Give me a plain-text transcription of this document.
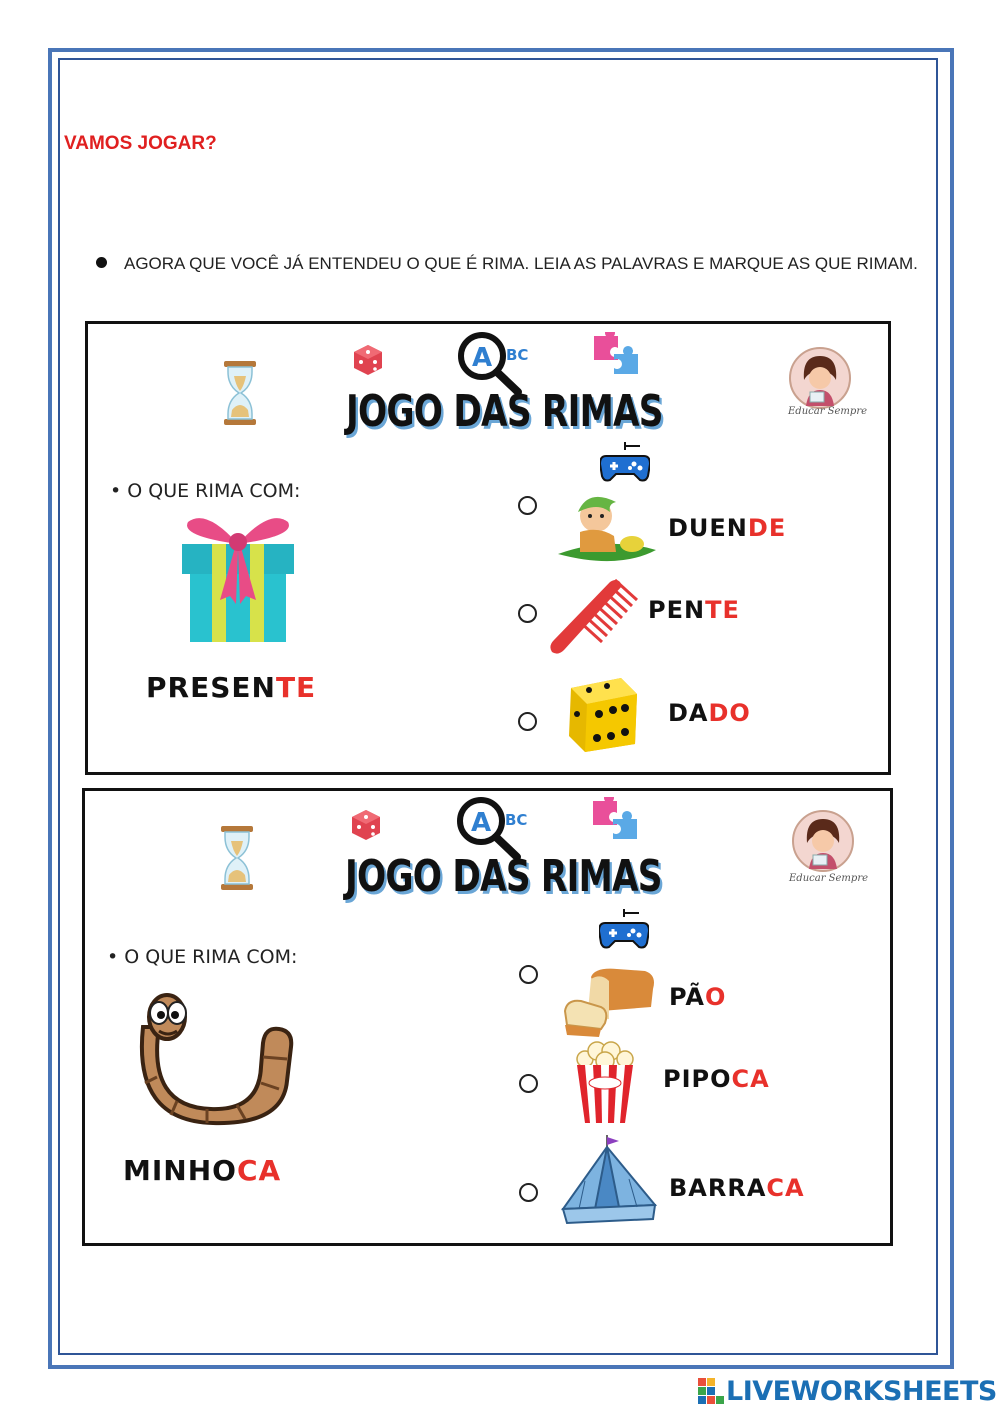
VAMOS JOGAR?
AGORA QUE VOCÊ JÁ ENTENDEU O QUE É RIMA. LEIA AS PALAVRAS E MARQUE AS QUE RIMAM.
A BC
JOGO DAS RIMAS	Educar Sempre
• O QUE RIMA COM:
PRESENTE
DUENDE
PENTE
DADO
A BC
JOGO DAS RIMAS	Educar Sempre
• O QUE RIMA COM:
MINHOCA
PÃO
PIPOCA
BARRACA
LIVEWORKSHEETS
